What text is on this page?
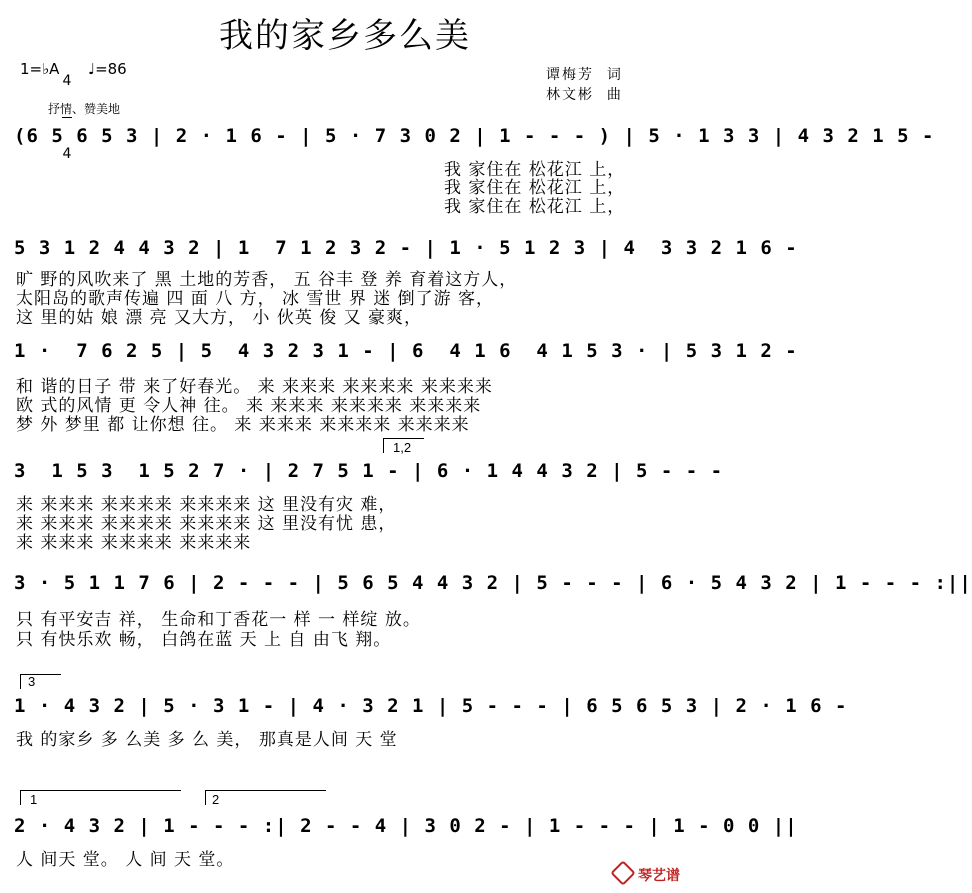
我的家乡多么美
1=♭A

4

4

♩=86
抒情、赞美地
谭梅芳  词
林文彬  曲
(6 5 6 5 3 | 2 · 1 6 - | 5 · 7 3 0 2 | 1 - - - ) | 5 · 1 3 3 | 4 3 2 1 5 -
我 家住在 松花江 上，
我 家住在 松花江 上，
我 家住在 松花江 上，
5 3 1 2 4 4 3 2 | 1  7 1 2 3 2 - | 1 · 5 1 2 3 | 4  3 3 2 1 6 -
旷 野的风吹来了 黑 土地的芳香， 五 谷丰 登 养 育着这方人，
太阳岛的歌声传遍 四 面 八 方， 冰 雪世 界 迷 倒了游 客，
这 里的姑 娘 漂 亮 又大方， 小 伙英 俊 又 豪爽，
1 ·  7 6 2 5 | 5  4 3 2 3 1 - | 6  4 1 6  4 1 5 3 · | 5 3 1 2 -
和 谐的日子 带 来了好春光。 来 来来来 来来来来 来来来来
欧 式的风情 更 令人神 往。 来 来来来 来来来来 来来来来
梦 外 梦里 都 让你想 往。 来 来来来 来来来来 来来来来
1,2
3  1 5 3  1 5 2 7 · | 2 7 5 1 - | 6 · 1 4 4 3 2 | 5 - - -
来 来来来 来来来来 来来来来 这 里没有灾 难，
来 来来来 来来来来 来来来来 这 里没有忧 患，
来 来来来 来来来来 来来来来
3 · 5 1 1 7 6 | 2 - - - | 5 6 5 4 4 3 2 | 5 - - - | 6 · 5 4 3 2 | 1 - - - :||
只 有平安吉 祥， 生命和丁香花一 样 一 样绽 放。
只 有快乐欢 畅， 白鸽在蓝 天 上 自 由飞 翔。
3
1 · 4 3 2 | 5 · 3 1 - | 4 · 3 2 1 | 5 - - - | 6 5 6 5 3 | 2 · 1 6 -
我 的家乡 多 么美 多 么 美， 那真是人间 天 堂
1	2
2 · 4 3 2 | 1 - - - :| 2 - - 4 | 3 0 2 - | 1 - - - | 1 - 0 0 ||
人 间天 堂。 人 间 天 堂。

琴艺谱
